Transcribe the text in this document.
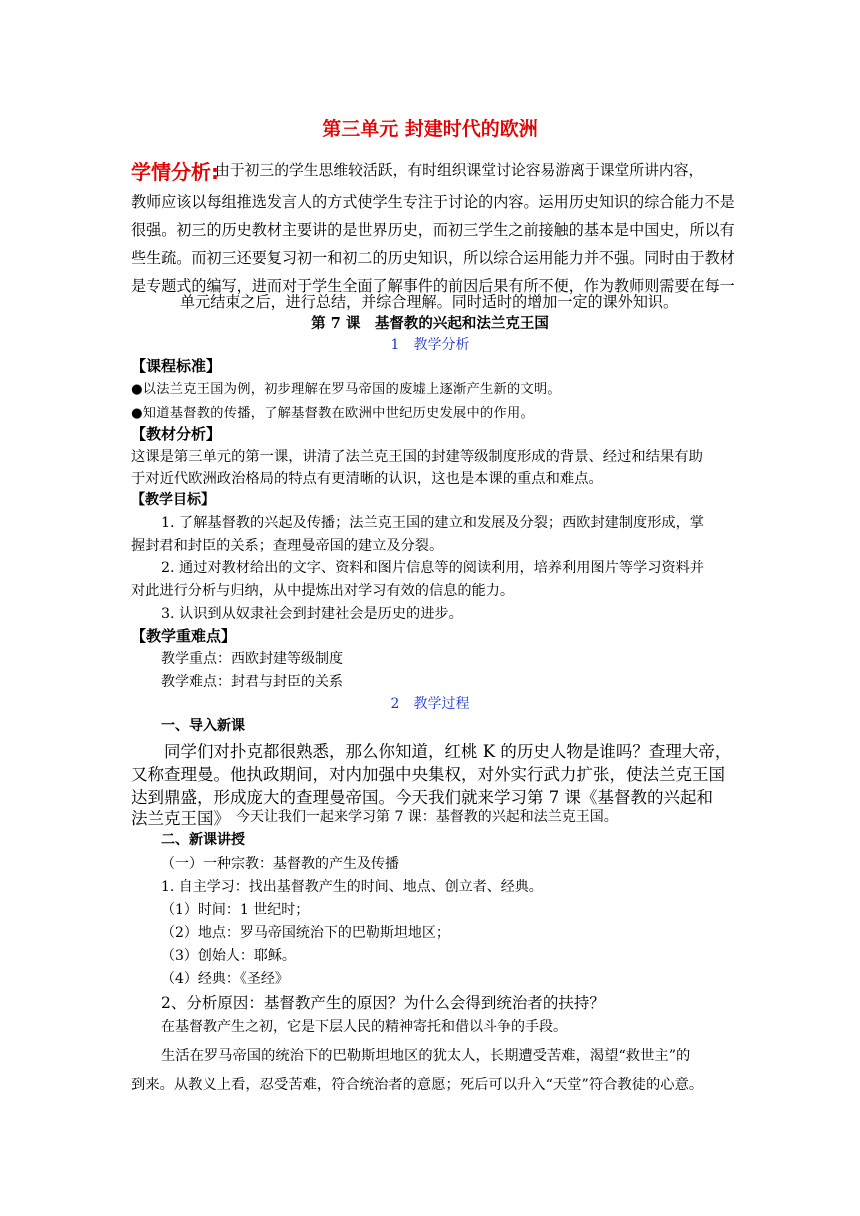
第三单元 封建时代的欧洲
学情分析:
由于初三的学生思维较活跃，有时组织课堂讨论容易游离于课堂所讲内容，
教师应该以每组推选发言人的方式使学生专注于讨论的内容。运用历史知识的综合能力不是
很强。初三的历史教材主要讲的是世界历史，而初三学生之前接触的基本是中国史，所以有
些生疏。而初三还要复习初一和初二的历史知识，所以综合运用能力并不强。同时由于教材
是专题式的编写，进而对于学生全面了解事件的前因后果有所不便，作为教师则需要在每一
单元结束之后，进行总结，并综合理解。同时适时的增加一定的课外知识。
第 7 课　基督教的兴起和法兰克王国
1　教学分析
【课程标准】
●以法兰克王国为例，初步理解在罗马帝国的废墟上逐渐产生新的文明。
●知道基督教的传播，了解基督教在欧洲中世纪历史发展中的作用。
【教材分析】
这课是第三单元的第一课，讲清了法兰克王国的封建等级制度形成的背景、经过和结果有助
于对近代欧洲政治格局的特点有更清晰的认识，这也是本课的重点和难点。
【教学目标】
1. 了解基督教的兴起及传播；法兰克王国的建立和发展及分裂；西欧封建制度形成，掌
握封君和封臣的关系；查理曼帝国的建立及分裂。
2. 通过对教材给出的文字、资料和图片信息等的阅读利用，培养利用图片等学习资料并
对此进行分析与归纳，从中提炼出对学习有效的信息的能力。
3. 认识到从奴隶社会到封建社会是历史的进步。
【教学重难点】
教学重点：西欧封建等级制度
教学难点：封君与封臣的关系
2　教学过程
一、导入新课
同学们对扑克都很熟悉，那么你知道，红桃 K 的历史人物是谁吗？查理大帝，
又称查理曼。他执政期间，对内加强中央集权，对外实行武力扩张，使法兰克王国
达到鼎盛，形成庞大的查理曼帝国。今天我们就来学习第 7 课《基督教的兴起和
法兰克王国》 今天让我们一起来学习第 7 课：基督教的兴起和法兰克王国。
二、新课讲授
（一）一种宗教：基督教的产生及传播
1. 自主学习：找出基督教产生的时间、地点、创立者、经典。
（1）时间：1 世纪时；
（2）地点：罗马帝国统治下的巴勒斯坦地区；
（3）创始人：耶稣。
（4）经典：《圣经》
2、分析原因：基督教产生的原因？为什么会得到统治者的扶持？
在基督教产生之初，它是下层人民的精神寄托和借以斗争的手段。
生活在罗马帝国的统治下的巴勒斯坦地区的犹太人，长期遭受苦难，渴望“救世主”的
到来。从教义上看，忍受苦难，符合统治者的意愿；死后可以升入“天堂”符合教徒的心意。
